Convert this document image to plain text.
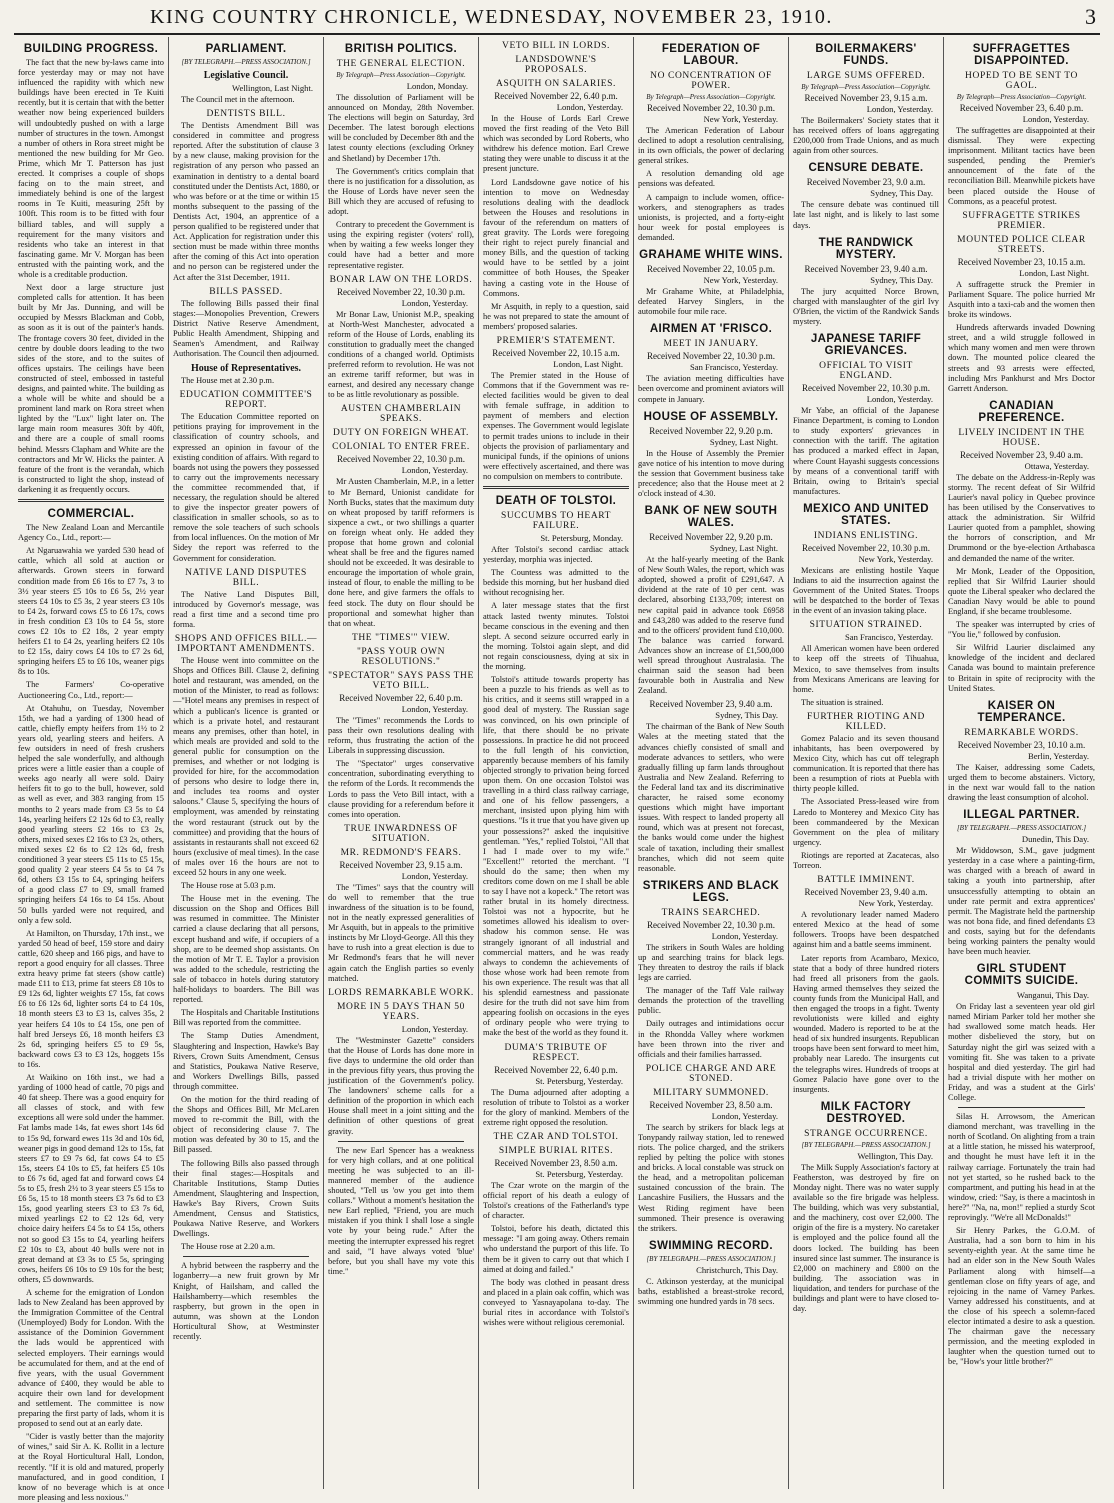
KING COUNTRY CHRONICLE, WEDNESDAY, NOVEMBER 23, 1910.	3
BUILDING PROGRESS.

The fact that the new by-laws came into force yesterday may or may not have influenced the rapidity with which new buildings have been erected in Te Kuiti recently, but it is certain that with the better weather now being experienced builders will undoubtedly pushed on with a large number of structures in the town. Amongst a number of others in Rora street might be mentioned the new building for Mr Geo. Prime, which Mr T. Patterson has just erected. It comprises a couple of shops facing on to the main street, and immediately behind is one of the largest rooms in Te Kuiti, measuring 25ft by 100ft. This room is to be fitted with four billiard tables, and will supply a requirement for the many visitors and residents who take an interest in that fascinating game. Mr V. Morgan has been entrusted with the painting work, and the whole is a creditable production.

Next door a large structure just completed calls for attention. It has been built by Mr Jas. Dunning, and will be occupied by Messrs Blackman and Cobb, as soon as it is out of the painter's hands. The frontage covers 30 feet, divided in the centre by double doors leading to the two sides of the store, and to the suites of offices upstairs. The ceilings have been constructed of steel, embossed in tasteful designs, and painted white. The building as a whole will be white and should be a prominent land mark on Rora street when lighted by the "Lux" light later on. The large main room measures 30ft by 40ft, and there are a couple of small rooms behind. Messrs Clapham and White are the contractors and Mr W. Hicks the painter. A feature of the front is the verandah, which is constructed to light the shop, instead of darkening it as frequently occurs.

COMMERCIAL.

The New Zealand Loan and Mercantile Agency Co., Ltd., report:—

At Ngaruawahia we yarded 530 head of cattle, which all sold at auction or afterwards. Grown steers in forward condition made from £6 16s to £7 7s, 3 to 3½ year steers £5 10s to £6 5s, 2½ year steers £4 10s to £5 3s, 2 year steers £3 10s to £4 2s, forward cows £5 to £6 17s, cows in fresh condition £3 10s to £4 5s, store cows £2 10s to £2 18s, 2 year empty heifers £1 to £4 2s, yearling heifers £2 10s to £2 15s, dairy cows £4 10s to £7 2s 6d, springing heifers £5 to £6 10s, weaner pigs 8s to 10s.

The Farmers' Co-operative Auctioneering Co., Ltd., report:—

At Otahuhu, on Tuesday, November 15th, we had a yarding of 1300 head of cattle, chiefly empty heifers from 1½ to 2 years old, yearling steers and heifers. A few outsiders in need of fresh crushers helped the sale wonderfully, and although prices were a little easier than a couple of weeks ago nearly all were sold. Dairy heifers fit to go to the bull, however, sold as well as ever, and 383 ranging from 15 months to 2 years made from £3 5s to £4 14s, yearling heifers £2 12s 6d to £3, really good yearling steers £2 16s to £3 2s, others, mixed sexes £2 16s to £3 2s, others, mixed sexes £2 6s to £2 12s 6d, fresh conditioned 3 year steers £5 11s to £5 15s, good quality 2 year steers £4 5s to £4 7s 6d, others £3 15s to £4, springing heifers of a good class £7 to £9, small framed springing heifers £4 16s to £4 15s. About 50 bulls yarded were not required, and only a few sold.

At Hamilton, on Thursday, 17th inst., we yarded 50 head of beef, 159 store and dairy cattle, 620 sheep and 166 pigs, and have to report a good enquiry for all classes. Three extra heavy prime fat steers (show cattle) made £11 to £13, prime fat steers £8 10s to £9 12s 6d, lighter weights £7 15s, fat cows £6 to £6 12s 6d, lighter sorts £4 to £4 10s, 18 month steers £3 to £3 1s, calves 35s, 2 year heifers £4 10s to £4 15s, one pen of half bred Jerseys £6, 18 month heifers £3 2s 6d, springing heifers £5 to £9 5s, backward cows £3 to £3 12s, hoggets 15s to 16s.

At Waikino on 16th inst., we had a yarding of 1000 head of cattle, 70 pigs and 40 fat sheep. There was a good enquiry for all classes of stock, and with few exceptions all were sold under the hammer. Fat lambs made 14s, fat ewes short 14s 6d to 15s 9d, forward ewes 11s 3d and 10s 6d, weaner pigs in good demand 12s to 15s, fat steers £7 to £9 7s 6d, fat cows £4 to £5 15s, steers £4 10s to £5, fat heifers £5 10s to £6 7s 6d, aged fat and forward cows £4 5s to £5, fresh 2½ to 3 year steers £5 15s to £6 5s, 15 to 18 month steers £3 7s 6d to £3 15s, good yearling steers £3 to £3 7s 6d, mixed yearlings £2 to £2 12s 6d, very choice dairy heifers £4 5s to £4 15s, others not so good £3 15s to £4, yearling heifers £2 10s to £3, about 40 bulls were not in great demand at £3 3s to £5 5s, springing cows, heifers £6 10s to £9 10s for the best; others, £5 downwards.

A scheme for the emigration of London lads to New Zealand has been approved by the Immigration Committee of the Central (Unemployed) Body for London. With the assistance of the Dominion Government the lads would be apprenticed with selected employers. Their earnings would be accumulated for them, and at the end of five years, with the usual Government advance of £400, they would be able to acquire their own land for development and settlement. The committee is now preparing the first party of lads, whom it is proposed to send out at an early date.

"Cider is vastly better than the majority of wines," said Sir A. K. Rollit in a lecture at the Royal Horticultural Hall, London, recently. "If it is old and matured, properly manufactured, and in good condition, I know of no beverage which is at once more pleasing and less noxious."

PARLIAMENT.
[BY TELEGRAPH.—PRESS ASSOCIATION.]
Legislative Council.
Wellington, Last Night.

The Council met in the afternoon.

DENTISTS BILL.

The Dentists Amendment Bill was considered in committee and progress reported. After the substitution of clause 3 by a new clause, making provision for the registration of any person who passed an examination in dentistry to a dental board constituted under the Dentists Act, 1880, or who was before or at the time or within 15 months subsequent to the passing of the Dentists Act, 1904, an apprentice of a person qualified to be registered under that Act. Application for registration under this section must be made within three months after the coming of this Act into operation and no person can be registered under the Act after the 31st December, 1911.

BILLS PASSED.

The following Bills passed their final stages:—Monopolies Prevention, Crewers District Native Reserve Amendment, Public Health Amendment, Shipping and Seamen's Amendment, and Railway Authorisation. The Council then adjourned.

House of Representatives.

The House met at 2.30 p.m.

EDUCATION COMMITTEE'S REPORT.

The Education Committee reported on petitions praying for improvement in the classification of country schools, and expressed an opinion in favour of the existing condition of affairs. With regard to boards not using the powers they possessed to carry out the improvements necessary the committee recommended that, if necessary, the regulation should be altered to give the inspector greater powers of classification in smaller schools, so as to remove the sole teachers of such schools from local influences. On the motion of Mr Sidey the report was referred to the Government for consideration.

NATIVE LAND DISPUTES BILL.

The Native Land Disputes Bill, introduced by Governor's message, was read a first time and a second time pro forma.

SHOPS AND OFFICES BILL.—IMPORTANT AMENDMENTS.

The House went into committee on the Shops and Offices Bill. Clause 2, defining hotel and restaurant, was amended, on the motion of the Minister, to read as follows:—"Hotel means any premises in respect of which a publican's licence is granted or which is a private hotel, and restaurant means any premises, other than hotel, in which meals are provided and sold to the general public for consumption on the premises, and whether or not lodging is provided for hire, for the accommodation of persons who desire to lodge there in, and includes tea rooms and oyster saloons." Clause 5, specifying the hours of employment, was amended by reinstating the word restaurant (struck out by the committee) and providing that the hours of assistants in restaurants shall not exceed 62 hours (exclusive of meal times). In the case of males over 16 the hours are not to exceed 52 hours in any one week.

The House rose at 5.03 p.m.

The House met in the evening. The discussion on the Shop and Offices Bill was resumed in committee. The Minister carried a clause declaring that all persons, except husband and wife, if occupiers of a shop, are to be deemed shop assistants. On the motion of Mr T. E. Taylor a provision was added to the schedule, restricting the sale of tobacco in hotels during statutory half-holidays to boarders. The Bill was reported.

The Hospitals and Charitable Institutions Bill was reported from the committee.

The Stamp Duties Amendment, Slaughtering and Inspection, Hawke's Bay Rivers, Crown Suits Amendment, Census and Statistics, Poukawa Native Reserve, and Workers Dwellings Bills, passed through committee.

On the motion for the third reading of the Shops and Offices Bill, Mr McLaren moved to re-commit the Bill, with the object of reconsidering clause 7. The motion was defeated by 30 to 15, and the Bill passed.

The following Bills also passed through their final stages:—Hospitals and Charitable Institutions, Stamp Duties Amendment, Slaughtering and Inspection, Hawke's Bay Rivers, Crown Suits Amendment, Census and Statistics, Poukawa Native Reserve, and Workers Dwellings.

The House rose at 2.20 a.m.

A hybrid between the raspberry and the loganberry—a new fruit grown by Mr Knight, of Hailsham, and called the Hailshamberry—which resembles the raspberry, but grown in the open in autumn, was shown at the London Horticultural Show, at Westminster recently.

BRITISH POLITICS.
THE GENERAL ELECTION.
By Telegraph—Press Association—Copyright.
London, Monday.

The dissolution of Parliament will be announced on Monday, 28th November. The elections will begin on Saturday, 3rd December. The latest borough elections will be concluded by December 8th and the latest county elections (excluding Orkney and Shetland) by December 17th.

The Government's critics complain that there is no justification for a dissolution, as the House of Lords have never seen the Bill which they are accused of refusing to adopt.

Contrary to precedent the Government is using the expiring register (voters' roll), when by waiting a few weeks longer they could have had a better and more representative register.

BONAR LAW ON THE LORDS.
Received November 22, 10.30 p.m.
London, Yesterday.

Mr Bonar Law, Unionist M.P., speaking at North-West Manchester, advocated a reform of the House of Lords, enabling its constitution to gradually meet the changed conditions of a changed world. Optimists preferred reform to revolution. He was not an extreme tariff reformer, but was in earnest, and desired any necessary change to be as little revolutionary as possible.

AUSTEN CHAMBERLAIN SPEAKS.
DUTY ON FOREIGN WHEAT.
COLONIAL TO ENTER FREE.
Received November 22, 10.30 p.m.
London, Yesterday.

Mr Austen Chamberlain, M.P., in a letter to Mr Bernard, Unionist candidate for North Bucks, states that the maximum duty on wheat proposed by tariff reformers is sixpence a cwt., or two shillings a quarter on foreign wheat only. He added they propose that home grown and colonial wheat shall be free and the figures named should not be exceeded. It was desirable to encourage the importation of whole grain, instead of flour, to enable the milling to be done here, and give farmers the offals to feed stock. The duty on flour should be proportional and somewhat higher than that on wheat.

THE "TIMES'" VIEW.
"PASS YOUR OWN RESOLUTIONS."
"SPECTATOR" SAYS PASS THE VETO BILL.
Received November 22, 6.40 p.m.
London, Yesterday.

The "Times" recommends the Lords to pass their own resolutions dealing with reform, thus frustrating the action of the Liberals in suppressing discussion.

The "Spectator" urges conservative concentration, subordinating everything to the reform of the Lords. It recommends the Lords to pass the Veto Bill intact, with a clause providing for a referendum before it comes into operation.

TRUE INWARDNESS OF SITUATION.
MR. REDMOND'S FEARS.
Received November 23, 9.15 a.m.
London, Yesterday.

The "Times" says that the country will do well to remember that the true inwardness of the situation is to be found, not in the neatly expressed generalities of Mr Asquith, but in appeals to the primitive instincts by Mr Lloyd-George. All this they have to rush into a great election is due to Mr Redmond's fears that he will never again catch the English parties so evenly matched.

LORDS REMARKABLE WORK.
MORE IN 5 DAYS THAN 50 YEARS.
London, Yesterday.

The "Westminster Gazette" considers that the House of Lords has done more in five days to undermine the old order than in the previous fifty years, thus proving the justification of the Government's policy. The landowners' scheme calls for a definition of the proportion in which each House shall meet in a joint sitting and the definition of other questions of great gravity.

The new Earl Spencer has a weakness for very high collars, and at one political meeting he was subjected to an ill-mannered member of the audience shouted, "Tell us 'ow you get into them collars." Without a moment's hesitation the new Earl replied, "Friend, you are much mistaken if you think I shall lose a single vote by your being rude." After the meeting the interrupter expressed his regret and said, "I have always voted 'blue' before, but you shall have my vote this time."

VETO BILL IN LORDS.
LANDSDOWNE'S PROPOSALS.
ASQUITH ON SALARIES.
Received November 22, 6.40 p.m.
London, Yesterday.

In the House of Lords Earl Crewe moved the first reading of the Veto Bill which was seconded by Lord Roberts, who withdrew his defence motion. Earl Crewe stating they were unable to discuss it at the present juncture.

Lord Landsdowne gave notice of his intention to move on Wednesday resolutions dealing with the deadlock between the Houses and resolutions in favour of the referendum on matters of great gravity. The Lords were foregoing their right to reject purely financial and money Bills, and the question of tacking would have to be settled by a joint committee of both Houses, the Speaker having a casting vote in the House of Commons.

Mr Asquith, in reply to a question, said he was not prepared to state the amount of members' proposed salaries.

PREMIER'S STATEMENT.
Received November 22, 10.15 a.m.
London, Last Night.

The Premier stated in the House of Commons that if the Government was re-elected facilities would be given to deal with female suffrage, in addition to payment of members and election expenses. The Government would legislate to permit trades unions to include in their objects the provision of parliamentary and municipal funds, if the opinions of unions were effectively ascertained, and there was no compulsion on members to contribute.

DEATH OF TOLSTOI.
SUCCUMBS TO HEART FAILURE.
St. Petersburg, Monday.

After Tolstoi's second cardiac attack yesterday, morphia was injected.

The Countess was admitted to the bedside this morning, but her husband died without recognising her.

A later message states that the first attack lasted twenty minutes. Tolstoi became conscious in the evening and then slept. A second seizure occurred early in the morning. Tolstoi again slept, and did not regain consciousness, dying at six in the morning.

Tolstoi's attitude towards property has been a puzzle to his friends as well as to his critics, and it seems still wrapped in a good deal of mystery. The Russian sage was convinced, on his own principle of life, that there should be no private possessions. In practice he did not proceed to the full length of his conviction, apparently because members of his family objected strongly to privation being forced upon them. On one occasion Tolstoi was travelling in a third class railway carriage, and one of his fellow passengers, a merchant, insisted upon plying him with questions. "Is it true that you have given up your possessions?" asked the inquisitive gentleman. "Yes," replied Tolstoi, "All that I had I made over to my wife." "Excellent!" retorted the merchant. "I should do the same; then when my creditors come down on me I shall be able to say I have not a kopeck." The retort was rather brutal in its homely directness. Tolstoi was not a hypocrite, but he sometimes allowed his idealism to over-shadow his common sense. He was strangely ignorant of all industrial and commercial matters, and he was ready always to condemn the achievements of those whose work had been remote from his own experience. The result was that all his splendid earnestness and passionate desire for the truth did not save him from appearing foolish on occasions in the eyes of ordinary people who were trying to make the best of the world as they found it.

DUMA'S TRIBUTE OF RESPECT.
Received November 22, 6.40 p.m.
St. Petersburg, Yesterday.

The Duma adjourned after adopting a resolution of tribute to Tolstoi as a worker for the glory of mankind. Members of the extreme right opposed the resolution.

THE CZAR AND TOLSTOI.
SIMPLE BURIAL RITES.
Received November 23, 8.50 a.m.
St. Petersburg, Yesterday.

The Czar wrote on the margin of the official report of his death a eulogy of Tolstoi's creations of the Fatherland's type of character.

Tolstoi, before his death, dictated this message: "I am going away. Others remain who understand the purport of this life. To them be it given to carry out that which I aimed at doing and failed."

The body was clothed in peasant dress and placed in a plain oak coffin, which was conveyed to Yasnayapolana to-day. The burial rites in accordance with Tolstoi's wishes were without religious ceremonial.

FEDERATION OF LABOUR.
NO CONCENTRATION OF POWER.
By Telegraph—Press Association—Copyright.
Received November 22, 10.30 p.m.
New York, Yesterday.

The American Federation of Labour declined to adopt a resolution centralising, in its own officials, the power of declaring general strikes.

A resolution demanding old age pensions was defeated.

A campaign to include women, office-workers, and stenographers as trades unionists, is projected, and a forty-eight hour week for postal employees is demanded.

GRAHAME WHITE WINS.
Received November 22, 10.05 p.m.
New York, Yesterday.

Mr Grahame White, at Philadelphia, defeated Harvey Singlers, in the automobile four mile race.

AIRMEN AT 'FRISCO.
MEET IN JANUARY.
Received November 22, 10.30 p.m.
San Francisco, Yesterday.

The aviation meeting difficulties have been overcome and prominent aviators will compete in January.

HOUSE OF ASSEMBLY.
Received November 22, 9.20 p.m.
Sydney, Last Night.

In the House of Assembly the Premier gave notice of his intention to move during the session that Government business take precedence; also that the House meet at 2 o'clock instead of 4.30.

BANK OF NEW SOUTH WALES.
Received November 22, 9.20 p.m.
Sydney, Last Night.

At the half-yearly meeting of the Bank of New South Wales, the report, which was adopted, showed a profit of £291,647. A dividend at the rate of 10 per cent. was declared, absorbing £133,709; interest on new capital paid in advance took £6958 and £43,280 was added to the reserve fund and to the officers' provident fund £10,000. The balance was carried forward. Advances show an increase of £1,500,000 well spread throughout Australasia. The chairman said the season had been favourable both in Australia and New Zealand.

Received November 23, 9.40 a.m.
Sydney, This Day.

The chairman of the Bank of New South Wales at the meeting stated that the advances chiefly consisted of small and moderate advances to settlers, who were gradually filling up farm lands throughout Australia and New Zealand. Referring to the Federal land tax and its discriminative character, he raised some economy questions which might have important issues. With respect to landed property all round, which was at present not forecast, the banks would come under the highest scale of taxation, including their smallest branches, which did not seem quite reasonable.

STRIKERS AND BLACK LEGS.
TRAINS SEARCHED.
Received November 22, 10.30 p.m.
London, Yesterday.

The strikers in South Wales are holding up and searching trains for black legs. They threaten to destroy the rails if black legs are carried.

The manager of the Taff Vale railway demands the protection of the travelling public.

Daily outrages and intimidations occur in the Rhondda Valley where workmen have been thrown into the river and officials and their families harrassed.

POLICE CHARGE AND ARE STONED.
MILITARY SUMMONED.
Received November 23, 8.50 a.m.
London, Yesterday.

The search by strikers for black legs at Tonypandy railway station, led to renewed riots. The police charged, and the strikers replied by pelting the police with stones and bricks. A local constable was struck on the head, and a metropolitan policeman sustained concussion of the brain. The Lancashire Fusiliers, the Hussars and the West Riding regiment have been summoned. Their presence is overawing the strikers.

SWIMMING RECORD.
[BY TELEGRAPH.—PRESS ASSOCIATION.]
Christchurch, This Day.

C. Atkinson yesterday, at the municipal baths, established a breast-stroke record, swimming one hundred yards in 78 secs.

BOILERMAKERS' FUNDS.
LARGE SUMS OFFERED.
By Telegraph—Press Association—Copyright.
Received November 23, 9.15 a.m.
London, Yesterday.

The Boilermakers' Society states that it has received offers of loans aggregating £200,000 from Trade Unions, and as much again from other sources.

CENSURE DEBATE.
Received November 23, 9.0 a.m.
Sydney, This Day.

The censure debate was continued till late last night, and is likely to last some days.

THE RANDWICK MYSTERY.
Received November 23, 9.40 a.m.
Sydney, This Day.

The jury acquitted Norce Brown, charged with manslaughter of the girl Ivy O'Brien, the victim of the Randwick Sands mystery.

JAPANESE TARIFF GRIEVANCES.
OFFICIAL TO VISIT ENGLAND.
Received November 22, 10.30 p.m.
London, Yesterday.

Mr Yabe, an official of the Japanese Finance Department, is coming to London to study exporters' grievances in connection with the tariff. The agitation has produced a marked effect in Japan, where Count Hayashi suggests concessions by means of a conventional tariff with Britain, owing to Britain's special manufactures.

MEXICO AND UNITED STATES.
INDIANS ENLISTING.
Received November 22, 10.30 p.m.
New York, Yesterday.

Mexicans are enlisting hostile Yaque Indians to aid the insurrection against the Government of the United States. Troops will be despatched to the border of Texas in the event of an invasion taking place.

SITUATION STRAINED.
San Francisco, Yesterday.

All American women have been ordered to keep off the streets of Tihuahua, Mexico, to save themselves from insults from Mexicans Americans are leaving for home.

The situation is strained.

FURTHER RIOTING AND KILLED.

Gomez Palacio and its seven thousand inhabitants, has been overpowered by Mexico City, which has cut off telegraph communication. It is reported that there has been a resumption of riots at Puebla with thirty people killed.

The Associated Press-leased wire from Laredo to Monterey and Mexico City has been commandeered by the Mexican Government on the plea of military urgency.

Riotings are reported at Zacatecas, also Torreon.

BATTLE IMMINENT.
Received November 23, 9.40 a.m.
New York, Yesterday.

A revolutionary leader named Madero entered Mexico at the head of some followers. Troops have been despatched against him and a battle seems imminent.

Later reports from Acambaro, Mexico, state that a body of three hundred rioters had freed all prisoners from the gaols. Having armed themselves they seized the county funds from the Municipal Hall, and then engaged the troops in a fight. Twenty revolutionists were killed and eighty wounded. Madero is reported to be at the head of six hundred insurgents. Republican troops have been sent forward to meet him, probably near Laredo. The insurgents cut the telegraphs wires. Hundreds of troops at Gomez Palacio have gone over to the insurgents.

MILK FACTORY DESTROYED.
STRANGE OCCURRENCE.
[BY TELEGRAPH.—PRESS ASSOCIATION.]
Wellington, This Day.

The Milk Supply Association's factory at Featherston, was destroyed by fire on Monday night. There was no water supply available so the fire brigade was helpless. The building, which was very substantial, and the machinery, cost over £2,000. The origin of the fire is a mystery. No caretaker is employed and the police found all the doors locked. The building has been insured since last summer. The insurance is £2,000 on machinery and £800 on the building. The association was in liquidation, and tenders for purchase of the buildings and plant were to have closed to-day.

SUFFRAGETTES DISAPPOINTED.
HOPED TO BE SENT TO GAOL.
By Telegraph—Press Association—Copyright.
Received November 23, 6.40 p.m.
London, Yesterday.

The suffragettes are disappointed at their dismissal. They were expecting imprisonment. Militant tactics have been suspended, pending the Premier's announcement of the fate of the reconciliation Bill. Meanwhile pickets have been placed outside the House of Commons, as a peaceful protest.

SUFFRAGETTE STRIKES PREMIER.
MOUNTED POLICE CLEAR STREETS.
Received November 23, 10.15 a.m.
London, Last Night.

A suffragette struck the Premier in Parliament Square. The police hurried Mr Asquith into a taxi-cab and the women then broke its windows.

Hundreds afterwards invaded Downing street, and a wild struggle followed in which many women and men were thrown down. The mounted police cleared the streets and 93 arrests were effected, including Mrs Pankhurst and Mrs Doctor Garrett Anderson.

CANADIAN PREFERENCE.
LIVELY INCIDENT IN THE HOUSE.
Received November 23, 9.40 a.m.
Ottawa, Yesterday.

The debate on the Address-in-Reply was stormy. The recent defeat of Sir Wilfrid Laurier's naval policy in Quebec province has been utilised by the Conservatives to attack the administration. Sir Wilfrid Laurier quoted from a pamphlet, showing the horrors of conscription, and Mr Drummond or the bye-election Arthabasca and demanded the name of the writer.

Mr Monk, Leader of the Opposition, replied that Sir Wilfrid Laurier should quote the Liberal speaker who declared the Canadian Navy would be able to pound England, if she became troublesome.

The speaker was interrupted by cries of "You lie," followed by confusion.

Sir Wilfrid Laurier disclaimed any knowledge of the incident and declared Canada was bound to maintain preference to Britain in spite of reciprocity with the United States.

KAISER ON TEMPERANCE.
REMARKABLE WORDS.
Received November 23, 10.10 a.m.
Berlin, Yesterday.

The Kaiser, addressing some Cadets, urged them to become abstainers. Victory, in the next war would fall to the nation drawing the least consumption of alcohol.

ILLEGAL PARTNER.
[BY TELEGRAPH.—PRESS ASSOCIATION.]
Dunedin, This Day.

Mr Widdowson, S.M., gave judgment yesterday in a case where a painting-firm, was charged with a breach of award in taking a youth into partnership, after unsuccessfully attempting to obtain an under rate permit and extra apprentices' permit. The Magistrate held the partnership was not bona fide, and fined defendants £3 and costs, saying but for the defendants being working painters the penalty would have been much heavier.

GIRL STUDENT COMMITS SUICIDE.
Wanganui, This Day.

On Friday last a seventeen year old girl named Miriam Parker told her mother she had swallowed some match heads. Her mother disbelieved the story, but on Saturday night the girl was seized with a vomiting fit. She was taken to a private hospital and died yesterday. The girl had had a trivial dispute with her mother on Friday, and was a student at the Girls' College.

Silas H. Arrowsom, the American diamond merchant, was travelling in the north of Scotland. On alighting from a train at a little station, he missed his waterproof, and thought he must have left it in the railway carriage. Fortunately the train had not yet started, so he rushed back to the compartment, and putting his head in at the window, cried: "Say, is there a macintosh in here?" "Na, na, mon!" replied a sturdy Scot reprovingly. "We're all McDonalds!"

Sir Henry Parkes, the G.O.M. of Australia, had a son born to him in his seventy-eighth year. At the same time he had an elder son in the New South Wales Parliament along with himself—a gentleman close on fifty years of age, and rejoicing in the name of Varney Parkes. Varney addressed his constituents, and at the close of his speech a solemn-faced elector intimated a desire to ask a question. The chairman gave the necessary permission, and the meeting exploded in laughter when the question turned out to be, "How's your little brother?"
